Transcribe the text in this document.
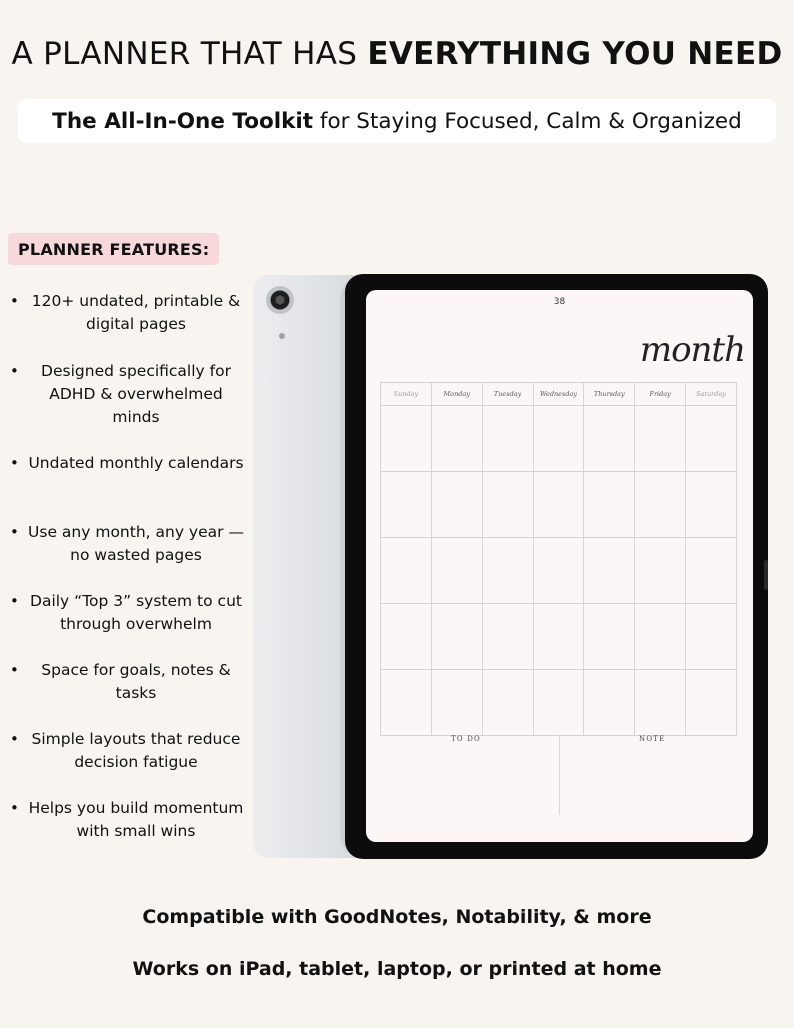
A PLANNER THAT HAS EVERYTHING YOU NEED

The All-In-One Toolkit for Staying Focused, Calm & Organized

PLANNER FEATURES:
• 120+ undated, printable & digital pages
•	Designed specifically for ADHD & overwhelmed minds
• Undated monthly calendars
• Use any month, any year — no wasted pages
• Daily “Top 3” system to cut through overwhelm
•	Space for goals, notes & tasks
• Simple layouts that reduce decision fatigue
• Helps you build momentum with small wins
38
month
Sunday	Monday	Tuesday	Wednesday	Thursday	Friday	Saturday

TO DO	NOTE

Compatible with GoodNotes, Notability, & more

Works on iPad, tablet, laptop, or printed at home
